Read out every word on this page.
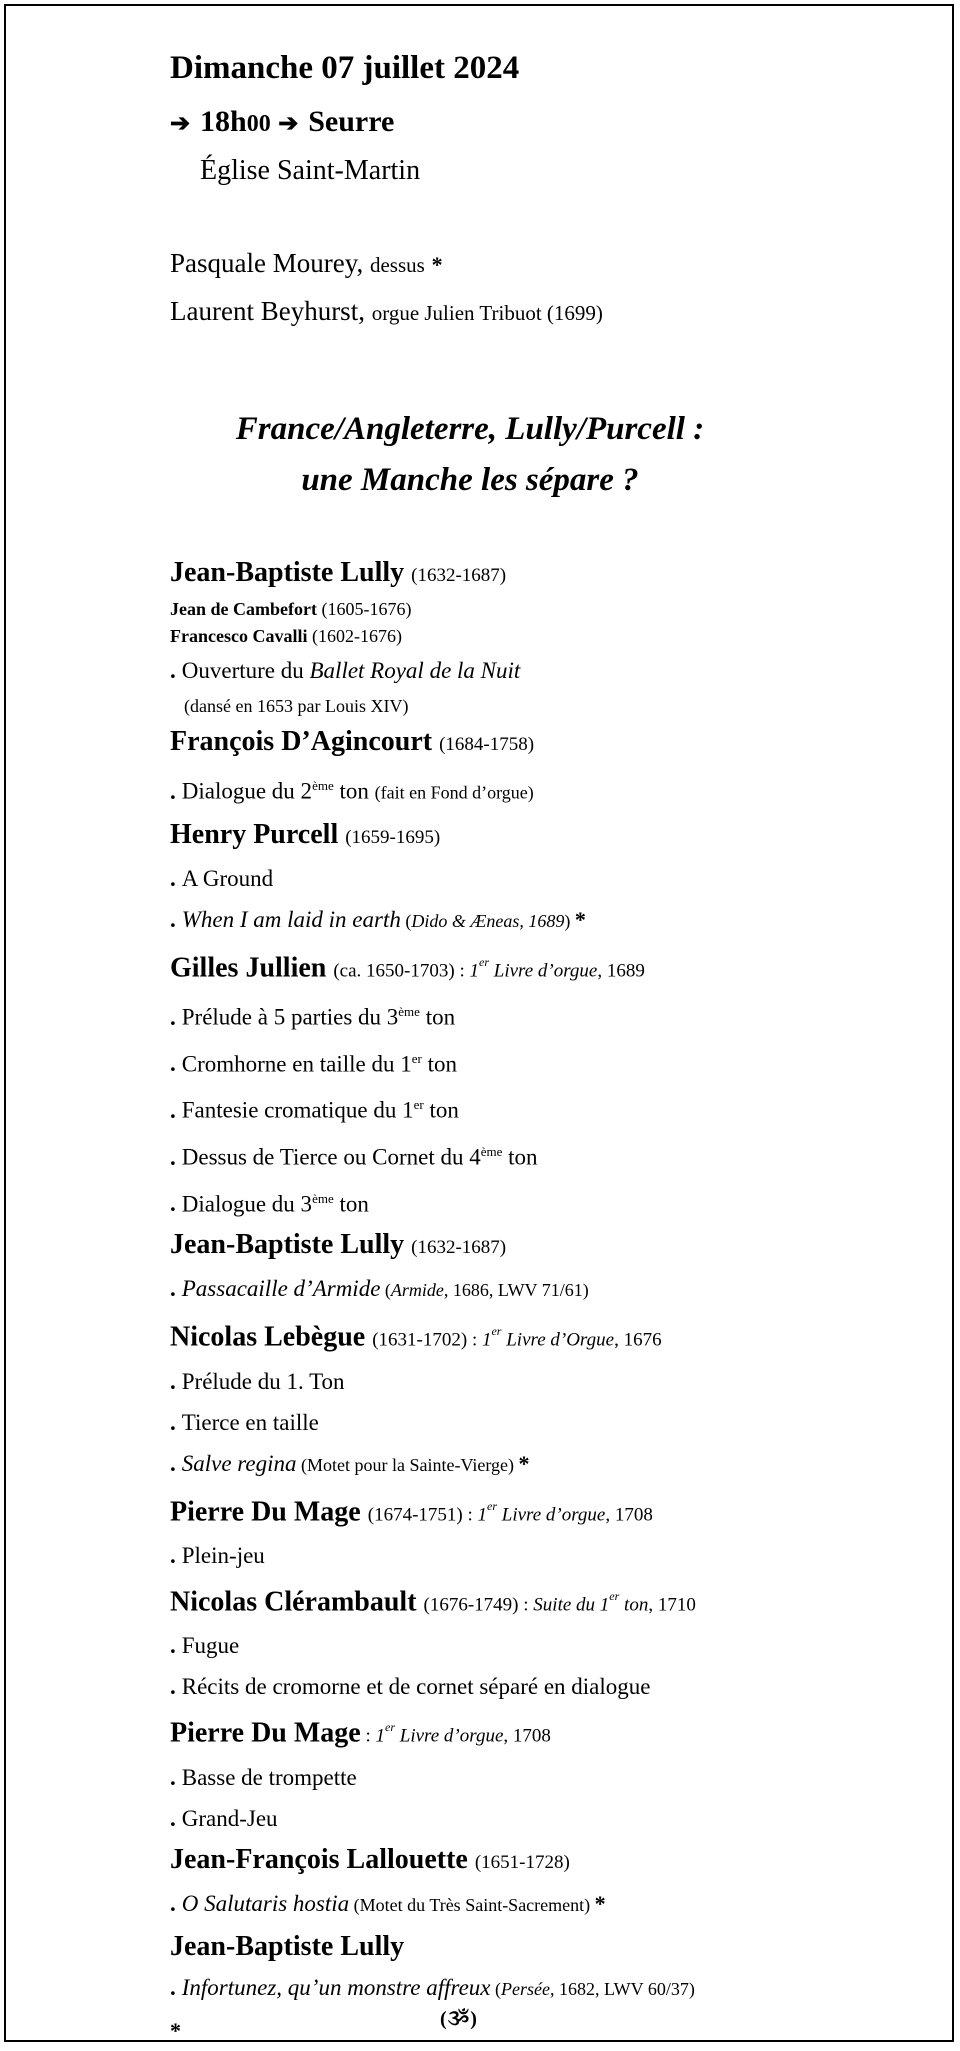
Dimanche 07 juillet 2024
➔ 18h00 ➔ Seurre
Église Saint-Martin
Pasquale Mourey, dessus *
Laurent Beyhurst, orgue Julien Tribuot (1699)
France/Angleterre, Lully/Purcell :
une Manche les sépare ?
Jean-Baptiste Lully (1632-1687)
Jean de Cambefort (1605-1676)
Francesco Cavalli (1602-1676)
. Ouverture du Ballet Royal de la Nuit
(dansé en 1653 par Louis XIV)
François D’Agincourt (1684-1758)
. Dialogue du 2ème ton (fait en Fond d’orgue)
Henry Purcell (1659-1695)
. A Ground
. When I am laid in earth (Dido & Æneas, 1689) *
Gilles Jullien (ca. 1650-1703) : 1er Livre d’orgue, 1689
. Prélude à 5 parties du 3ème ton
. Cromhorne en taille du 1er ton
. Fantesie cromatique du 1er ton
. Dessus de Tierce ou Cornet du 4ème ton
. Dialogue du 3ème ton
Jean-Baptiste Lully (1632-1687)
. Passacaille d’Armide (Armide, 1686, LWV 71/61)
Nicolas Lebègue (1631-1702) : 1er Livre d’Orgue, 1676
. Prélude du 1. Ton
. Tierce en taille
. Salve regina (Motet pour la Sainte-Vierge) *
Pierre Du Mage (1674-1751) : 1er Livre d’orgue, 1708
. Plein-jeu
Nicolas Clérambault (1676-1749) : Suite du 1er ton, 1710
. Fugue
. Récits de cromorne et de cornet séparé en dialogue
Pierre Du Mage : 1er Livre d’orgue, 1708
. Basse de trompette
. Grand-Jeu
Jean-François Lallouette (1651-1728)
. O Salutaris hostia (Motet du Très Saint-Sacrement) *
Jean-Baptiste Lully
. Infortunez, qu’un monstre affreux (Persée, 1682, LWV 60/37)
*	(ૐ)
